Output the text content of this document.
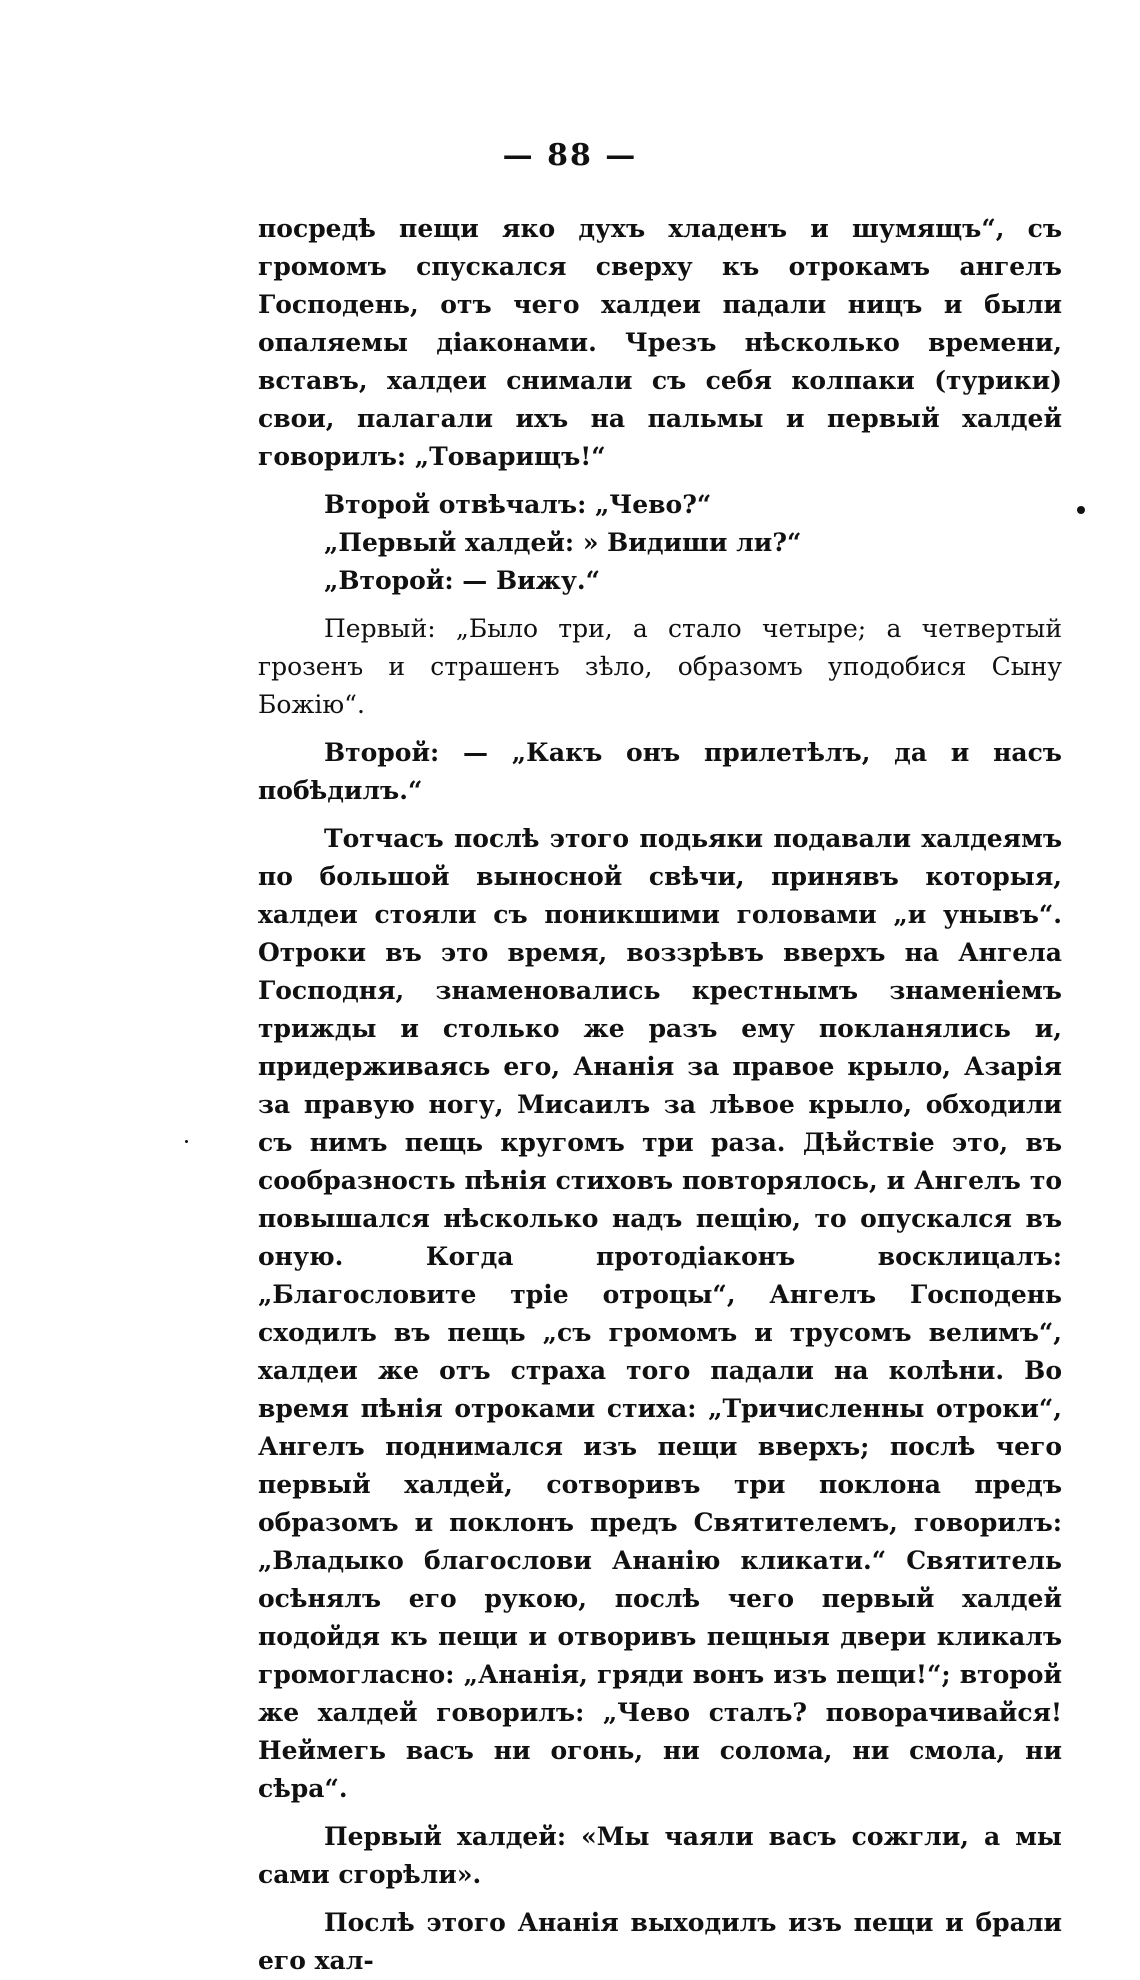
— 88 —

посредѣ пещи яко духъ хладенъ и шумящъ“, съ громомъ спускался сверху къ отрокамъ ангелъ Господень, отъ чего халдеи падали ницъ и были опаляемы діаконами. Чрезъ нѣсколько времени, вставъ, халдеи снимали съ себя колпаки (турики) свои, палагали ихъ на пальмы и первый халдей говорилъ: „Товарищъ!“

Второй отвѣчалъ: „Чево?“

„Первый халдей: » Видиши ли?“

„Второй: — Вижу.“

Первый: „Было три, а стало четыре; а четвертый грозенъ и страшенъ зѣло, образомъ уподобися Сыну Божію“.

Второй: — „Какъ онъ прилетѣлъ, да и насъ побѣдилъ.“

Тотчасъ послѣ этого подьяки подавали халдеямъ по большой выносной свѣчи, принявъ которыя, халдеи стояли съ поникшими головами „и унывъ“. Отроки въ это время, воззрѣвъ вверхъ на Ангела Господня, знаменовались крестнымъ знаменіемъ трижды и столько же разъ ему покланялись и, придерживаясь его, Ананія за правое крыло, Азарія за правую ногу, Мисаилъ за лѣвое крыло, обходили съ нимъ пещь кругомъ три раза. Дѣйствіе это, въ сообразность пѣнія стиховъ повторялось, и Ангелъ то повышался нѣсколько надъ пещію, то опускался въ оную. Когда протодіаконъ восклицалъ: „Благословите тріе отроцы“, Ангелъ Господень сходилъ въ пещь „съ громомъ и трусомъ велимъ“, халдеи же отъ страха того падали на колѣни. Во время пѣнія отроками стиха: „Тричисленны отроки“, Ангелъ поднимался изъ пещи вверхъ; послѣ чего первый халдей, сотворивъ три поклона предъ образомъ и поклонъ предъ Святителемъ, говорилъ: „Владыко благослови Ананію кликати.“ Святитель осѣнялъ его рукою, послѣ чего первый халдей подойдя къ пещи и отворивъ пещныя двери кликалъ громогласно: „Ананія, гряди вонъ изъ пещи!“; второй же халдей говорилъ: „Чево сталъ? поворачивайся! Неймегь васъ ни огонь, ни солома, ни смола, ни сѣра“.

Первый халдей: «Мы чаяли васъ сожгли, а мы сами сгорѣли».

Послѣ этого Ананія выходилъ изъ пещи и брали его хал-
